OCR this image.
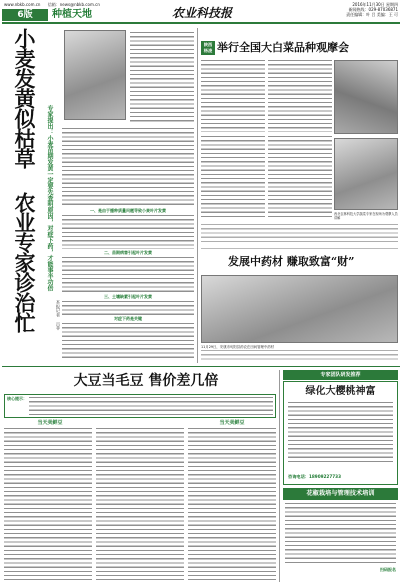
www.nbkb.com.cn 信箱：news@nbkb.com.cn
6版	种植天地	农业科技报
2016年11月30日 星期四
新闻热线：029-87036871
责任编辑：叶 吕 美编：王 可
小麦发黄似枯草 农业专家诊治忙	专家提出：小麦苗期发黄一定要先查明原因，对症下药，才能事半功倍
本报记者 吕菲
一、是由于播种质量问题导致小麦叶片发黄
二、苗期病害引起叶片发黄
三、土壤缺素引起叶片发黄
对症下药是关键
陕西
杨凌 举行全国大白菜品种观摩会
西北农林科技大学蔬菜专家在现场为观摩人员讲解
发展中药材 赚取致富“财”
11月29日，安康市旬阳县药农在田间管理中药材
大豆当毛豆 售价差几倍
核心提示：
当天卖鲜豆	当天卖鲜豆
专家团队研发推荐
绿化大樱桃神富
咨询电话：18909227733
花椒栽培与管理技术培训
扫码报名
